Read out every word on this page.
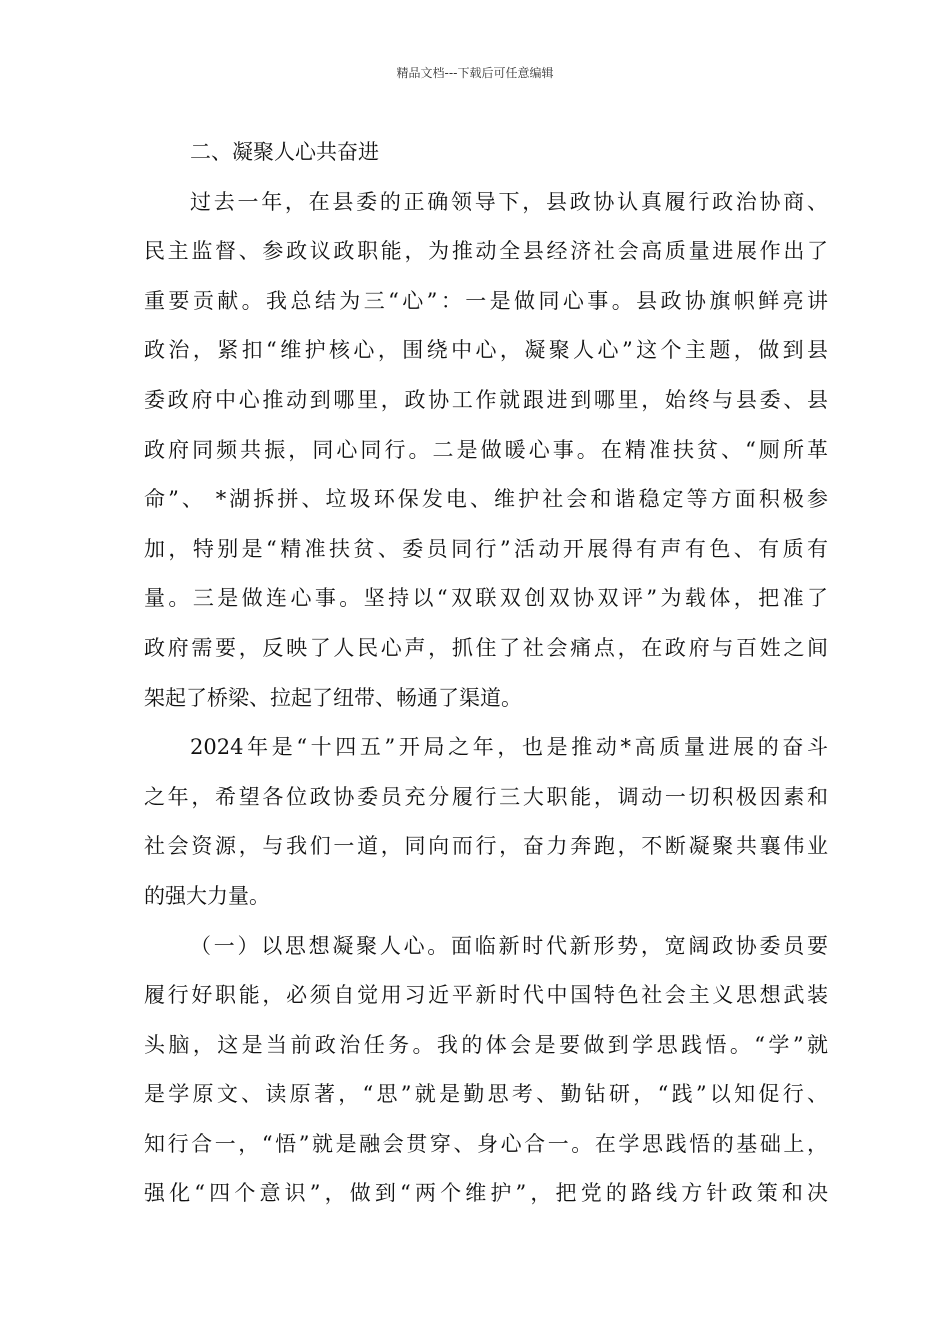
精品文档---下载后可任意编辑
二、凝聚人心共奋进
过去一年，在县委的正确领导下，县政协认真履行政治协商、
民主监督、参政议政职能，为推动全县经济社会高质量进展作出了
重要贡献。我总结为三“心”：一是做同心事。县政协旗帜鲜亮讲
政治，紧扣“维护核心，围绕中心，凝聚人心”这个主题，做到县
委政府中心推动到哪里，政协工作就跟进到哪里，始终与县委、县
政府同频共振，同心同行。二是做暖心事。在精准扶贫、“厕所革
命”、 *湖拆拼、垃圾环保发电、维护社会和谐稳定等方面积极参
加，特别是“精准扶贫、委员同行”活动开展得有声有色、有质有
量。三是做连心事。坚持以“双联双创双协双评”为载体，把准了
政府需要，反映了人民心声，抓住了社会痛点，在政府与百姓之间
架起了桥梁、拉起了纽带、畅通了渠道。
2024年是“十四五”开局之年，也是推动*高质量进展的奋斗
之年，希望各位政协委员充分履行三大职能，调动一切积极因素和
社会资源，与我们一道，同向而行，奋力奔跑，不断凝聚共襄伟业
的强大力量。
（一）以思想凝聚人心。面临新时代新形势，宽阔政协委员要
履行好职能，必须自觉用习近平新时代中国特色社会主义思想武装
头脑，这是当前政治任务。我的体会是要做到学思践悟。“学”就
是学原文、读原著，“思”就是勤思考、勤钻研，“践”以知促行、
知行合一，“悟”就是融会贯穿、身心合一。在学思践悟的基础上，
强化“四个意识”，做到“两个维护”，把党的路线方针政策和决
